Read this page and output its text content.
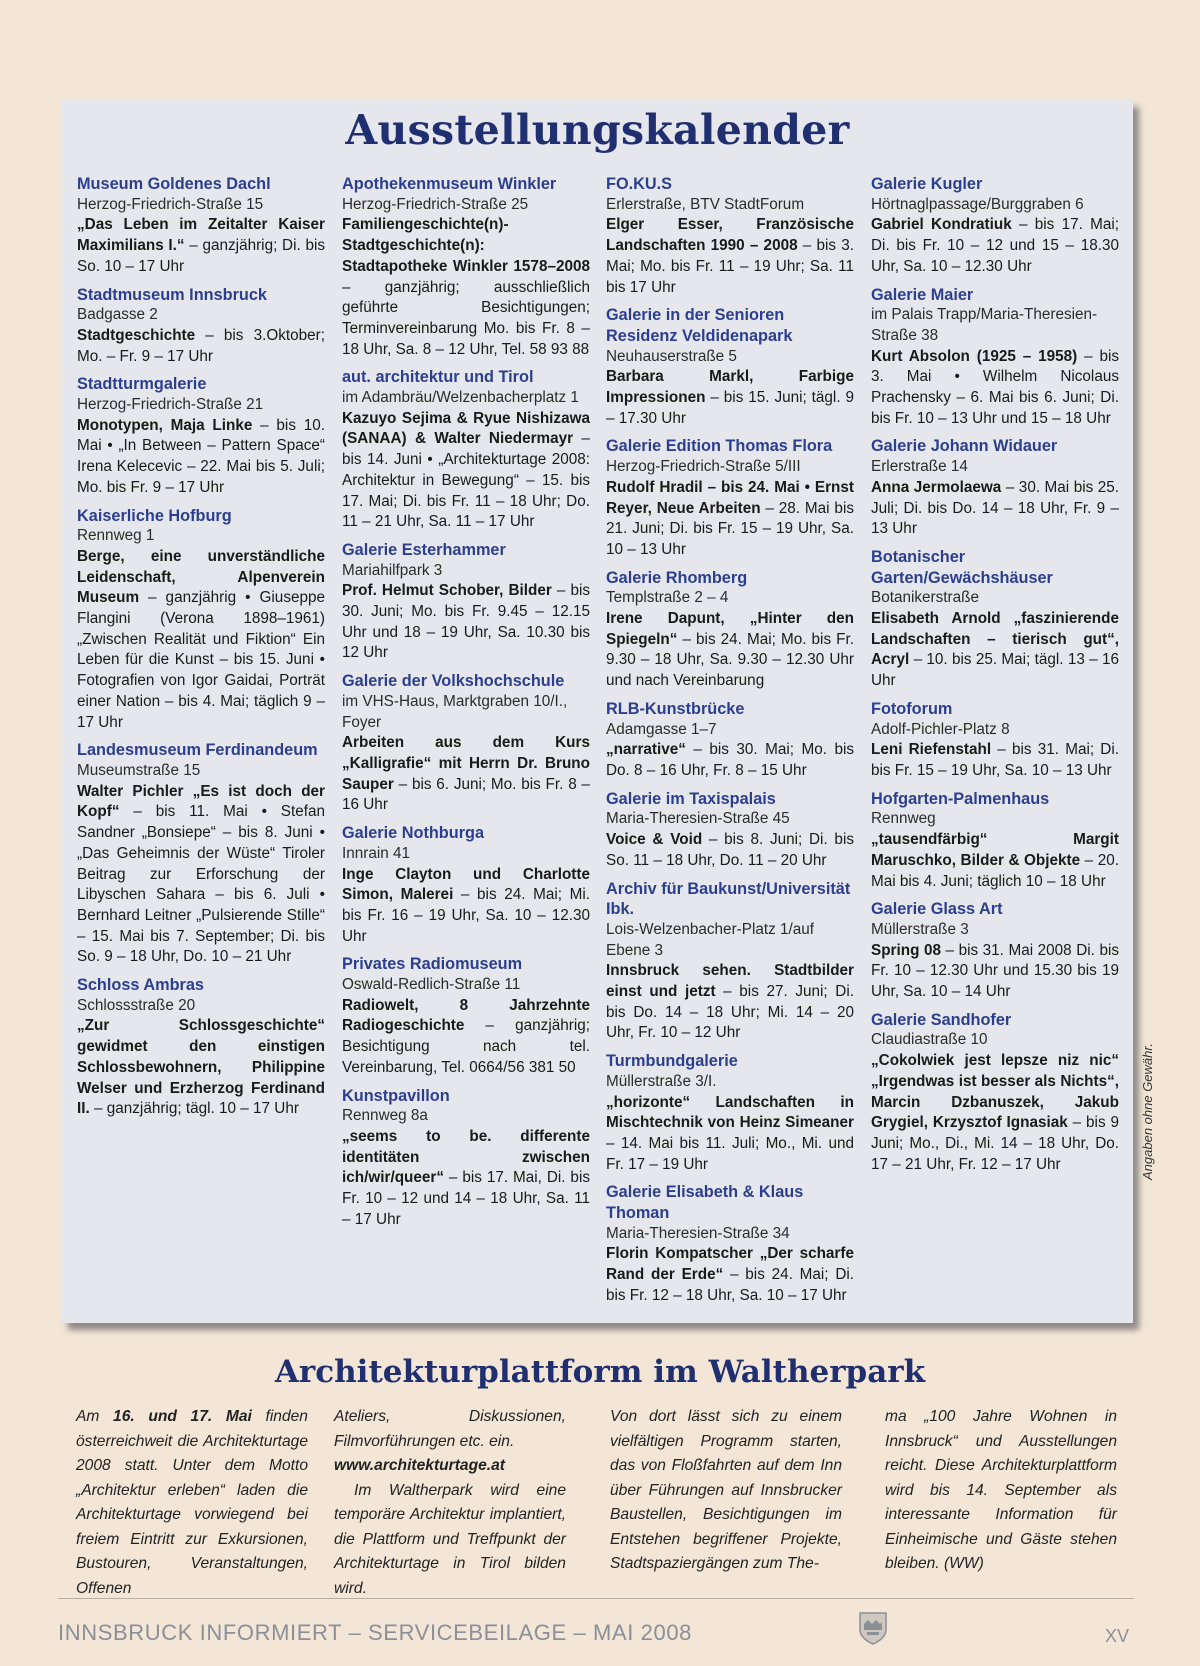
Ausstellungskalender
Museum Goldenes Dachl
Herzog-Friedrich-Straße 15
„Das Leben im Zeitalter Kaiser Maximilians I.“ – ganzjährig; Di. bis So. 10 – 17 Uhr
Stadtmuseum Innsbruck
Badgasse 2
Stadtgeschichte – bis 3.Oktober; Mo. – Fr. 9 – 17 Uhr
Stadtturmgalerie
Herzog-Friedrich-Straße 21
Monotypen, Maja Linke – bis 10. Mai • „In Between – Pattern Space“ Irena Kelecevic – 22. Mai bis 5. Juli; Mo. bis Fr. 9 – 17 Uhr
Kaiserliche Hofburg
Rennweg 1
Berge, eine unverständliche Leidenschaft, Alpenverein Museum – ganzjährig • Giuseppe Flangini (Verona 1898–1961) „Zwischen Realität und Fiktion“ Ein Leben für die Kunst – bis 15. Juni • Fotografien von Igor Gaidai, Porträt einer Nation – bis 4. Mai; täglich 9 – 17 Uhr
Landesmuseum Ferdinandeum
Museumstraße 15
Walter Pichler „Es ist doch der Kopf“ – bis 11. Mai • Stefan Sandner „Bonsiepe“ – bis 8. Juni • „Das Geheimnis der Wüste“ Tiroler Beitrag zur Erforschung der Libyschen Sahara – bis 6. Juli • Bernhard Leitner „Pulsierende Stille“ – 15. Mai bis 7. September; Di. bis So. 9 – 18 Uhr, Do. 10 – 21 Uhr
Schloss Ambras
Schlossstraße 20
„Zur Schlossgeschichte“ gewidmet den einstigen Schlossbewohnern, Philippine Welser und Erzherzog Ferdinand II. – ganzjährig; tägl. 10 – 17 Uhr
Apothekenmuseum Winkler
Herzog-Friedrich-Straße 25
Familiengeschichte(n)-Stadtgeschichte(n): Stadtapotheke Winkler 1578–2008 – ganzjährig; ausschließlich geführte Besichtigungen; Terminvereinbarung Mo. bis Fr. 8 – 18 Uhr, Sa. 8 – 12 Uhr, Tel. 58 93 88
aut. architektur und Tirol
im Adambräu/Welzenbacherplatz 1
Kazuyo Sejima & Ryue Nishizawa (SANAA) & Walter Niedermayr – bis 14. Juni • „Architekturtage 2008: Architektur in Bewegung“ – 15. bis 17. Mai; Di. bis Fr. 11 – 18 Uhr; Do. 11 – 21 Uhr, Sa. 11 – 17 Uhr
Galerie Esterhammer
Mariahilfpark 3
Prof. Helmut Schober, Bilder – bis 30. Juni; Mo. bis Fr. 9.45 – 12.15 Uhr und 18 – 19 Uhr, Sa. 10.30 bis 12 Uhr
Galerie der Volkshochschule
im VHS-Haus, Marktgraben 10/I., Foyer
Arbeiten aus dem Kurs „Kalligrafie“ mit Herrn Dr. Bruno Sauper – bis 6. Juni; Mo. bis Fr. 8 – 16 Uhr
Galerie Nothburga
Innrain 41
Inge Clayton und Charlotte Simon, Malerei – bis 24. Mai; Mi. bis Fr. 16 – 19 Uhr, Sa. 10 – 12.30 Uhr
Privates Radiomuseum
Oswald-Redlich-Straße 11
Radiowelt, 8 Jahrzehnte Radiogeschichte – ganzjährig; Besichtigung nach tel. Vereinbarung, Tel. 0664/56 381 50
Kunstpavillon
Rennweg 8a
„seems to be. differente identitäten zwischen ich/wir/queer“ – bis 17. Mai, Di. bis Fr. 10 – 12 und 14 – 18 Uhr, Sa. 11 – 17 Uhr
FO.KU.S
Erlerstraße, BTV StadtForum
Elger Esser, Französische Landschaften 1990 – 2008 – bis 3. Mai; Mo. bis Fr. 11 – 19 Uhr; Sa. 11 bis 17 Uhr
Galerie in der Senioren Residenz Veldidenapark
Neuhauserstraße 5
Barbara Markl, Farbige Impressionen – bis 15. Juni; tägl. 9 – 17.30 Uhr
Galerie Edition Thomas Flora
Herzog-Friedrich-Straße 5/III
Rudolf Hradil – bis 24. Mai • Ernst Reyer, Neue Arbeiten – 28. Mai bis 21. Juni; Di. bis Fr. 15 – 19 Uhr, Sa. 10 – 13 Uhr
Galerie Rhomberg
Templstraße 2 – 4
Irene Dapunt, „Hinter den Spiegeln“ – bis 24. Mai; Mo. bis Fr. 9.30 – 18 Uhr, Sa. 9.30 – 12.30 Uhr und nach Vereinbarung
RLB-Kunstbrücke
Adamgasse 1–7
„narrative“ – bis 30. Mai; Mo. bis Do. 8 – 16 Uhr, Fr. 8 – 15 Uhr
Galerie im Taxispalais
Maria-Theresien-Straße 45
Voice & Void – bis 8. Juni; Di. bis So. 11 – 18 Uhr, Do. 11 – 20 Uhr
Archiv für Baukunst/Universität Ibk.
Lois-Welzenbacher-Platz 1/auf Ebene 3
Innsbruck sehen. Stadtbilder einst und jetzt – bis 27. Juni; Di. bis Do. 14 – 18 Uhr; Mi. 14 – 20 Uhr, Fr. 10 – 12 Uhr
Turmbundgalerie
Müllerstraße 3/I.
„horizonte“ Landschaften in Mischtechnik von Heinz Simeaner – 14. Mai bis 11. Juli; Mo., Mi. und Fr. 17 – 19 Uhr
Galerie Elisabeth & Klaus Thoman
Maria-Theresien-Straße 34
Florin Kompatscher „Der scharfe Rand der Erde“ – bis 24. Mai; Di. bis Fr. 12 – 18 Uhr, Sa. 10 – 17 Uhr
Galerie Kugler
Hörtnaglpassage/Burggraben 6
Gabriel Kondratiuk – bis 17. Mai; Di. bis Fr. 10 – 12 und 15 – 18.30 Uhr, Sa. 10 – 12.30 Uhr
Galerie Maier
im Palais Trapp/Maria-Theresien-Straße 38
Kurt Absolon (1925 – 1958) – bis 3. Mai • Wilhelm Nicolaus Prachensky – 6. Mai bis 6. Juni; Di. bis Fr. 10 – 13 Uhr und 15 – 18 Uhr
Galerie Johann Widauer
Erlerstraße 14
Anna Jermolaewa – 30. Mai bis 25. Juli; Di. bis Do. 14 – 18 Uhr, Fr. 9 – 13 Uhr
Botanischer Garten/Gewächshäuser
Botanikerstraße
Elisabeth Arnold „faszinierende Landschaften – tierisch gut“, Acryl – 10. bis 25. Mai; tägl. 13 – 16 Uhr
Fotoforum
Adolf-Pichler-Platz 8
Leni Riefenstahl – bis 31. Mai; Di. bis Fr. 15 – 19 Uhr, Sa. 10 – 13 Uhr
Hofgarten-Palmenhaus
Rennweg
„tausendfärbig“ Margit Maruschko, Bilder & Objekte – 20. Mai bis 4. Juni; täglich 10 – 18 Uhr
Galerie Glass Art
Müllerstraße 3
Spring 08 – bis 31. Mai 2008 Di. bis Fr. 10 – 12.30 Uhr und 15.30 bis 19 Uhr, Sa. 10 – 14 Uhr
Galerie Sandhofer
Claudiastraße 10
„Cokolwiek jest lepsze niz nic“ „Irgendwas ist besser als Nichts“, Marcin Dzbanuszek, Jakub Grygiel, Krzysztof Ignasiak – bis 9 Juni; Mo., Di., Mi. 14 – 18 Uhr, Do. 17 – 21 Uhr, Fr. 12 – 17 Uhr	Angaben ohne Gewähr.
Architekturplattform im Waltherpark
Am 16. und 17. Mai finden österreichweit die Architekturtage 2008 statt. Unter dem Motto „Architektur erleben“ laden die Architekturtage vorwiegend bei freiem Eintritt zur Exkursionen, Bustouren, Veranstaltungen, Offenen
Ateliers, Diskussionen, Filmvorführungen etc. ein.
www.architekturtage.at
Im Waltherpark wird eine temporäre Architektur implantiert, die Plattform und Treffpunkt der Architekturtage in Tirol bilden wird.
Von dort lässt sich zu einem vielfältigen Programm starten, das von Floßfahrten auf dem Inn über Führungen auf Innsbrucker Baustellen, Besichtigungen im Entstehen begriffener Projekte, Stadtspaziergängen zum The-
ma „100 Jahre Wohnen in Innsbruck“ und Ausstellungen reicht. Diese Architekturplattform wird bis 14. September als interessante Information für Einheimische und Gäste stehen bleiben. (WW)
INNSBRUCK INFORMIERT – SERVICEBEILAGE – MAI 2008	XV
